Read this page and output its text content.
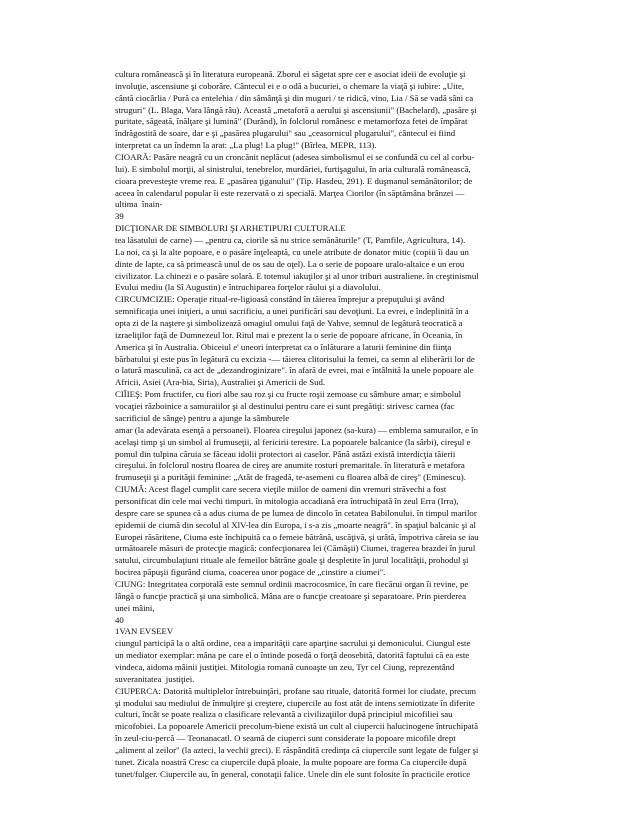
cultura românească şi în literatura europeană. Zborul ei săgetat spre cer e asociat ideii de evoluţie şi
involuţie, ascensiune şi coborâre. Cântecul ei e o odă a bucuriei, o chemare la viaţă şi iubire: „Uite,
cântă ciocârlia / Pură ca entelehia / din sâmânţă şi din muguri / te ridică, vino, Lia / Să se vadă sâni ca
struguri" (L. Blaga, Vara lângă râu). Această „metaforă a aerului şi ascensiunii" (Bachelard), „pasăre şi
puritate, săgeată, înălţare şi lumină" (Durând), în folclorul românesc e metamorfoza fetei de împărat
îndrăgostită de soare, dar e şi „pasărea plugarului" sau „ceasornicul plugarului", cântecul ei fiind
interpretat ca un îndemn la arat: „La plug! La plug!" (Bîrlea, MEPR, 113).
CIOARĂ: Pasăre neagră cu un croncănit neplăcut (adesea simbolismul ei se confundă cu cel al corbu-
lui). E simbolul morţii, al sinistrului, tenebrelor, murdăriei, furtişagului, în aria culturală românească,
cioara prevesteşte vreme rea. E „pasărea ţiganului" (Tip. Hasdeu, 291). E duşmanul semănătorilor; de
aceea în calendarul popular îi este rezervată o zi specială. Marţea Ciorilor (în săptămâna brânzei —
ultima  înain-
39
DICŢIONAR DE SIMBOLURI ŞI ARHETIPURI CULTURALE
tea lăsatului de carne) — „pentru ca, ciorile să nu strice semănăturile" (T, Pamfile, Agricultura, 14).
La noi, ca şi la alte popoare, e o pasăre înţeleaptă, cu unele atribute de donator mitic (copiii îi dau un
dinte de lapte, ca să primească unul de os sau de oţel). La o serie de popoare uralo-altaice e un erou
civilizator. La chinezi e o pasăre solară. E totemul iakuţilor şi al unor triburi australiene. în creştinismul
Evului mediu (la Sî Augustin) e întruchiparea forţelor răului şi a diavolului.
CIRCUMCIZIE: Operaţie ritual-re-ligioasă constând în tăierea împrejur a prepuţului şi având
semnificaţia unei iniţieri, a unui sacrificiu, a unei purificări sau devoţiuni. La evrei, e îndeplinită în a
opta zi de la naştere şi simbolizează omagiul omului faţă de Yahve, semnul de legătură teocratică a
izraeliţilor faţă de Dumnezeul lor. Ritul mai e prezent la o serie de popoare africane, în Oceania, în
America şi în Australia. Obiceiul e' uneori interpretat ca o înlăturare a laturii feminine din fiinţa
bărbatului şi este pus în legătură cu excizia -— tăierea clitorisului la femei, ca semn al eliberării lor de
o latură masculină, ca act de „dezandroginizare". în afară de evrei, mai e întâlnită la unele popoare ale
Africii, Asiei (Ara-bia, Siria), Australiei şi Americii de Sud.
CIÎIEŞ: Pom fructifer, cu fiori albe sau roz şi cu fructe roşii zemoase cu sâmbure amar; e simbolul
vocaţiei războinice a samuraiilor şi al destinului pentru care ei sunt pregătiţi: strivesc carnea (fac
sacrificiul de sânge) pentru a ajunge la sâmburele
amar (la adevărata esenţă a persoanei). Floarea cireşului japonez (sa-kura) — emblema samurailor, e în
acelaşi timp şi un simbol al frumuseţii, al fericirii terestre. La popoarele balcanice (la sârbi), cireşul e
pomul din tulpina căruia se făceau idolii protectori ai caselor. Până astăzi există interdicţia tăierii
cireşului. în folclorul nostru floarea de cireş are anumite rosturi premaritale. în literatură e metafora
frumuseţii şi a purităţii feminine: „Atât de fragedă, te-asemeni cu floarea albă de cireş" (Eminescu).
CIUMĂ: Acest flagel cumplit care secera vieţile miilor de oameni din vremuri străvechi a fost
personificat din cele mai vechi timpuri. în mitologia accadiană era întruchipată în zeul Erra (Irra),
despre care se spunea că a adus ciuma de pe lumea de dincolo în cetatea Babilonului. în timpul marilor
epidemii de ciumă din secolul al XlV-lea din Europa, i s-a zis „moarte neagră". în spaţiul balcanic şi al
Europei răsăritene, Ciuma este închipuită ca o femeie bătrână, uscăţivă, şi urâtă, împotriva căreia se iau
următoarele măsuri de protecţie magică: confecţionarea lei (Cămăşii) Ciumei, tragerea brazdei în jurul
satului, circumbulaţiuni rituale ale femeilor bătrâne goale şi despletite în jurul localităţii, prohodul şi
bocirea păpuşii figurând ciuma, coacerea unor pogace de „cinstire a ciumei".
CIUNG: Integritatea corporală este semnul ordinii macrocosmice, în care fiecărui organ îi revine, pe
lângă o funcţie practică şi una simbolică. Mâna are o funcţie creatoare şi separatoare. Prin pierderea
unei mâini,
40
1VAN EVSEEV
ciungul participă la o altă ordine, cea a imparităţii care aparţine sacrului şi demonicului. Ciungul este
un mediator exemplar: mâna pe care el o întinde posedă o forţă deosebită, datorită faptului că ea este
vindeca, aidoma mâinii justiţiei. Mitologia romană cunoaşte un zeu, Tyr cel Ciung, reprezentând
suveranitatea  justiţiei.
CIUPERCA: Datorită multiplelor întrebuinţări, profane sau rituale, datorită formei lor ciudate, precum
şi modului sau mediului de înmulţire şi creştere, ciupercile au fost atât de intens semiotizate în diferite
culturi, încât se poate realiza o clasificare relevantă a civilizaţiilor după principiul micofiliei sau
micofobiei. La popoarele Americii precolum-biene există un cult al ciupercii halucinogene întruchipată
în zeul-ciu-percă — Teonanacatl. O seamă de ciuperci sunt considerate la popoare micofile drept
„aliment al zeilor" (la azteci, la vechii greci). E răspândită credinţa că ciupercile sunt legate de fulger şi
tunet. Zicala noastră Cresc ca ciupercile după ploaie, la multe popoare are forma Ca ciupercile după
tunet/fulger. Ciupercile au, în general, conotaţii falice. Unele din ele sunt folosite în practicile erotice
